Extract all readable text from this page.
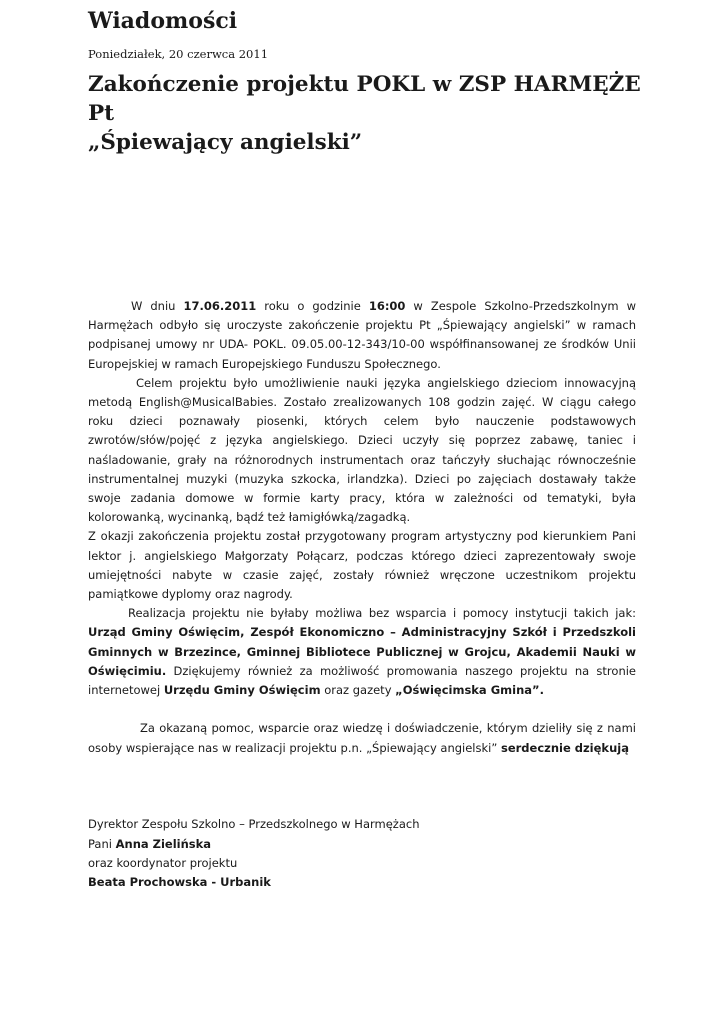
Wiadomości
Poniedziałek, 20 czerwca 2011
Zakończenie projektu POKL w ZSP HARMĘŻE Pt
„Śpiewający angielski”

W dniu 17.06.2011 roku o godzinie 16:00 w Zespole Szkolno-Przedszkolnym w Harmężach odbyło się uroczyste zakończenie projektu Pt „Śpiewający angielski” w ramach podpisanej umowy nr UDA- POKL. 09.05.00-12-343/10-00 współfinansowanej ze środków Unii Europejskiej w ramach Europejskiego Funduszu Społecznego.

Celem projektu było umożliwienie nauki języka angielskiego dzieciom innowacyjną metodą English@MusicalBabies. Zostało zrealizowanych 108 godzin zajęć. W ciągu całego roku dzieci poznawały piosenki, których celem było nauczenie podstawowych zwrotów/słów/pojęć z języka angielskiego. Dzieci uczyły się poprzez zabawę, taniec i naśladowanie, grały na różnorodnych instrumentach oraz tańczyły słuchając równocześnie instrumentalnej muzyki (muzyka szkocka, irlandzka). Dzieci po zajęciach dostawały także swoje zadania domowe w formie karty pracy, która w zależności od tematyki, była kolorowanką, wycinanką, bądź też łamigłówką/zagadką.

Z okazji zakończenia projektu został przygotowany program artystyczny pod kierunkiem Pani lektor j. angielskiego Małgorzaty Połącarz, podczas którego dzieci zaprezentowały swoje umiejętności nabyte w czasie zajęć, zostały również wręczone uczestnikom projektu pamiątkowe dyplomy oraz nagrody.

Realizacja projektu nie byłaby możliwa bez wsparcia i pomocy instytucji takich jak: Urząd Gminy Oświęcim, Zespół Ekonomiczno – Administracyjny Szkół i Przedszkoli Gminnych w Brzezince, Gminnej Bibliotece Publicznej w Grojcu, Akademii Nauki w Oświęcimiu. Dziękujemy również za możliwość promowania naszego projektu na stronie internetowej Urzędu Gminy Oświęcim oraz gazety „Oświęcimska Gmina”.

Za okazaną pomoc, wsparcie oraz wiedzę i doświadczenie, którym dzieliły się z nami osoby wspierające nas w realizacji projektu p.n. „Śpiewający angielski” serdecznie dziękują

Dyrektor Zespołu Szkolno – Przedszkolnego w Harmężach

Pani Anna Zielińska

oraz koordynator projektu

Beata Prochowska - Urbanik
